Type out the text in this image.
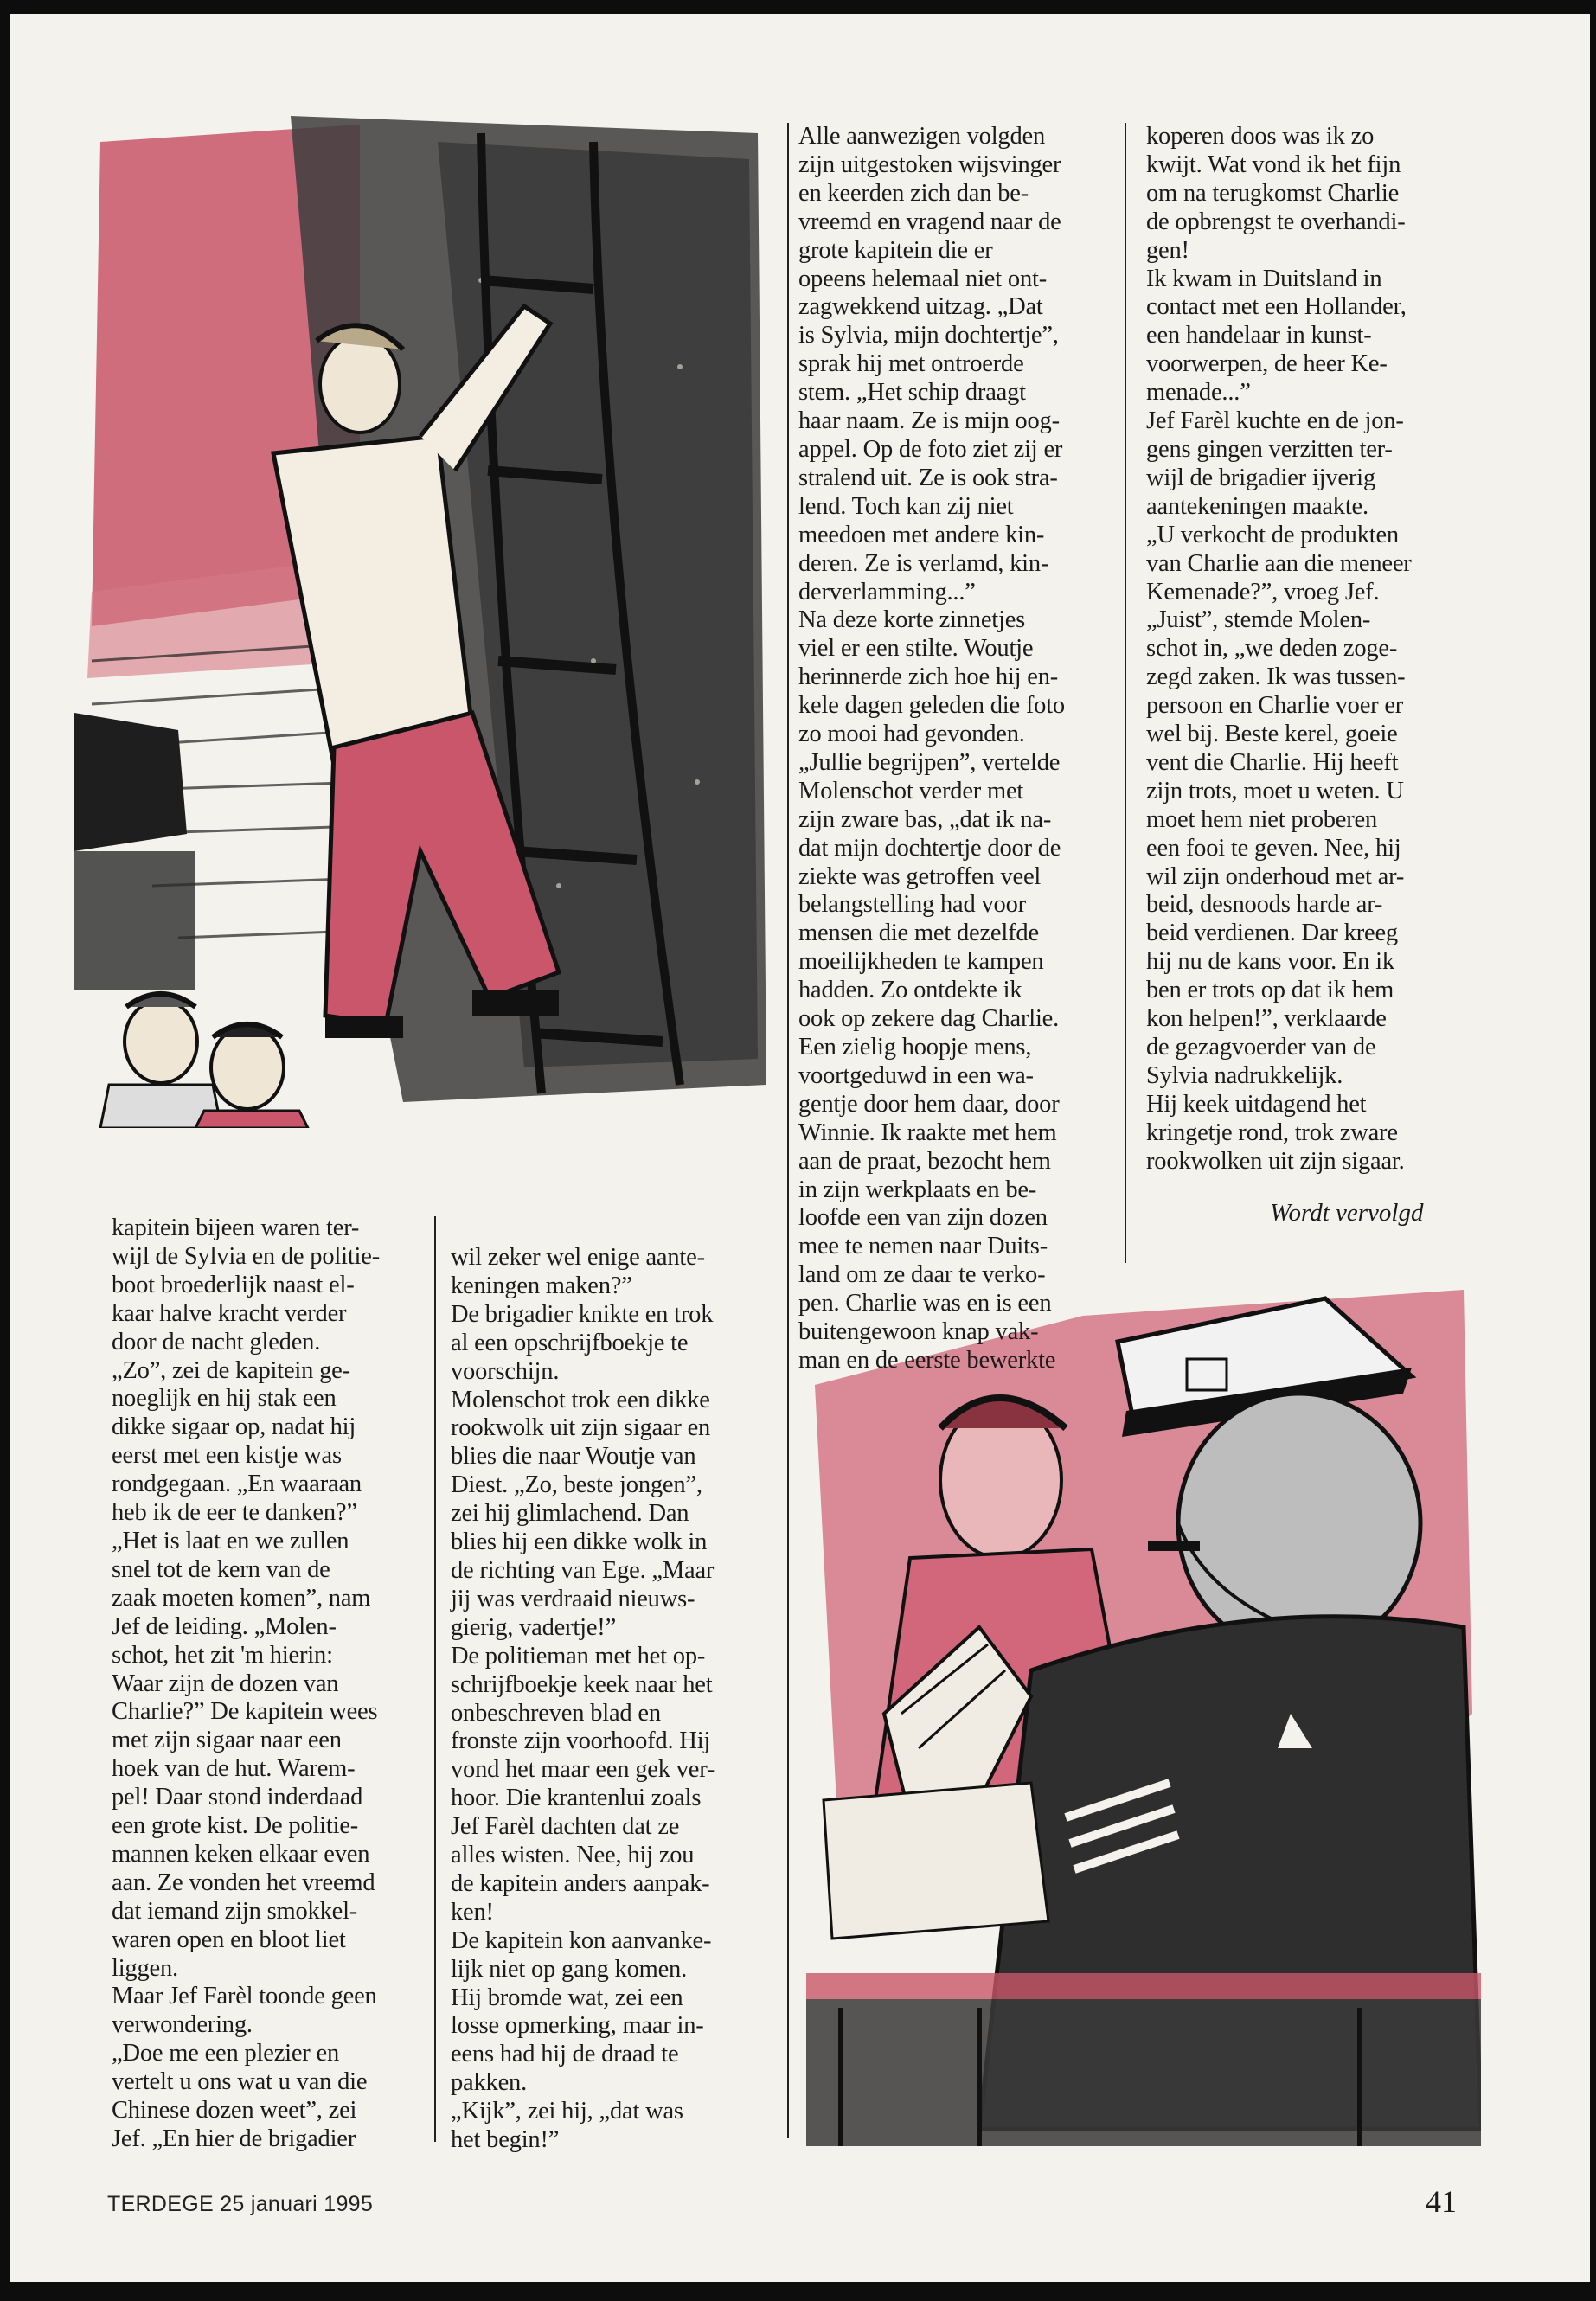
kapitein bijeen waren ter-
wijl de Sylvia en de politie-
boot broederlijk naast el-
kaar halve kracht verder
door de nacht gleden.
„Zo”, zei de kapitein ge-
noeglijk en hij stak een
dikke sigaar op, nadat hij
eerst met een kistje was
rondgegaan. „En waaraan
heb ik de eer te danken?”
„Het is laat en we zullen
snel tot de kern van de
zaak moeten komen”, nam
Jef de leiding. „Molen-
schot, het zit 'm hierin:
Waar zijn de dozen van
Charlie?” De kapitein wees
met zijn sigaar naar een
hoek van de hut. Warem-
pel! Daar stond inderdaad
een grote kist. De politie-
mannen keken elkaar even
aan. Ze vonden het vreemd
dat iemand zijn smokkel-
waren open en bloot liet
liggen.
Maar Jef Farèl toonde geen
verwondering.
„Doe me een plezier en
vertelt u ons wat u van die
Chinese dozen weet”, zei
Jef. „En hier de brigadier

wil zeker wel enige aante-
keningen maken?”
De brigadier knikte en trok
al een opschrijfboekje te
voorschijn.
Molenschot trok een dikke
rookwolk uit zijn sigaar en
blies die naar Woutje van
Diest. „Zo, beste jongen”,
zei hij glimlachend. Dan
blies hij een dikke wolk in
de richting van Ege. „Maar
jij was verdraaid nieuws-
gierig, vadertje!”
De politieman met het op-
schrijfboekje keek naar het
onbeschreven blad en
fronste zijn voorhoofd. Hij
vond het maar een gek ver-
hoor. Die krantenlui zoals
Jef Farèl dachten dat ze
alles wisten. Nee, hij zou
de kapitein anders aanpak-
ken!
De kapitein kon aanvanke-
lijk niet op gang komen.
Hij bromde wat, zei een
losse opmerking, maar in-
eens had hij de draad te
pakken.
„Kijk”, zei hij, „dat was
het begin!”

Alle aanwezigen volgden
zijn uitgestoken wijsvinger
en keerden zich dan be-
vreemd en vragend naar de
grote kapitein die er
opeens helemaal niet ont-
zagwekkend uitzag. „Dat
is Sylvia, mijn dochtertje”,
sprak hij met ontroerde
stem. „Het schip draagt
haar naam. Ze is mijn oog-
appel. Op de foto ziet zij er
stralend uit. Ze is ook stra-
lend. Toch kan zij niet
meedoen met andere kin-
deren. Ze is verlamd, kin-
derverlamming...”
Na deze korte zinnetjes
viel er een stilte. Woutje
herinnerde zich hoe hij en-
kele dagen geleden die foto
zo mooi had gevonden.
„Jullie begrijpen”, vertelde
Molenschot verder met
zijn zware bas, „dat ik na-
dat mijn dochtertje door de
ziekte was getroffen veel
belangstelling had voor
mensen die met dezelfde
moeilijkheden te kampen
hadden. Zo ontdekte ik
ook op zekere dag Charlie.
Een zielig hoopje mens,
voortgeduwd in een wa-
gentje door hem daar, door
Winnie. Ik raakte met hem
aan de praat, bezocht hem
in zijn werkplaats en be-
loofde een van zijn dozen
mee te nemen naar Duits-
land om ze daar te verko-
pen. Charlie was en is een
buitengewoon knap vak-
man en de eerste bewerkte

koperen doos was ik zo
kwijt. Wat vond ik het fijn
om na terugkomst Charlie
de opbrengst te overhandi-
gen!
Ik kwam in Duitsland in
contact met een Hollander,
een handelaar in kunst-
voorwerpen, de heer Ke-
menade...”
Jef Farèl kuchte en de jon-
gens gingen verzitten ter-
wijl de brigadier ijverig
aantekeningen maakte.
„U verkocht de produkten
van Charlie aan die meneer
Kemenade?”, vroeg Jef.
„Juist”, stemde Molen-
schot in, „we deden zoge-
zegd zaken. Ik was tussen-
persoon en Charlie voer er
wel bij. Beste kerel, goeie
vent die Charlie. Hij heeft
zijn trots, moet u weten. U
moet hem niet proberen
een fooi te geven. Nee, hij
wil zijn onderhoud met ar-
beid, desnoods harde ar-
beid verdienen. Dar kreeg
hij nu de kans voor. En ik
ben er trots op dat ik hem
kon helpen!”, verklaarde
de gezagvoerder van de
Sylvia nadrukkelijk.
Hij keek uitdagend het
kringetje rond, trok zware
rookwolken uit zijn sigaar.

Wordt vervolgd

TERDEGE 25 januari 1995	41
